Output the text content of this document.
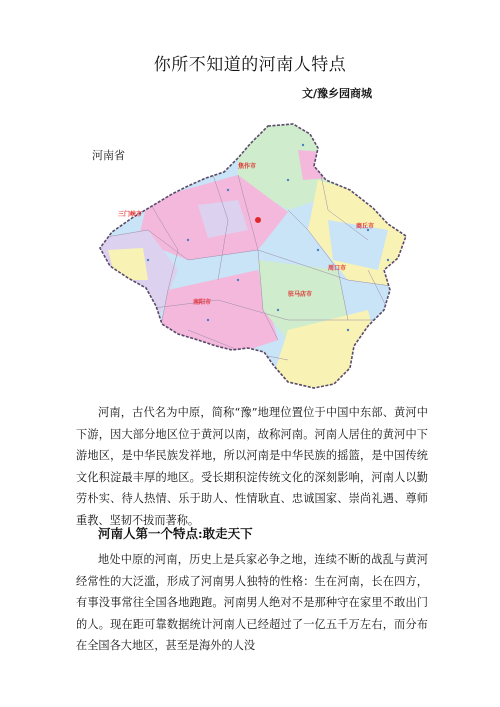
你所不知道的河南人特点
文/豫乡园商城
河南省
三门峡市
商丘市
南阳市
焦作市
周口市
驻马店市

河南，古代名为中原，简称“豫”地理位置位于中国中东部、黄河中下游，因大部分地区位于黄河以南，故称河南。河南人居住的黄河中下游地区，是中华民族发祥地，所以河南是中华民族的摇篮，是中国传统文化积淀最丰厚的地区。受长期积淀传统文化的深刻影响，河南人以勤劳朴实、待人热情、乐于助人、性情耿直、忠诚国家、崇尚礼遇、尊师重教、坚韧不拔而著称。

河南人第一个特点:敢走天下

地处中原的河南，历史上是兵家必争之地，连续不断的战乱与黄河经常性的大泛滥，形成了河南男人独特的性格：生在河南，长在四方，有事没事常往全国各地跑跑。河南男人绝对不是那种守在家里不敢出门的人。现在距可靠数据统计河南人已经超过了一亿五千万左右，而分布在全国各大地区，甚至是海外的人没
